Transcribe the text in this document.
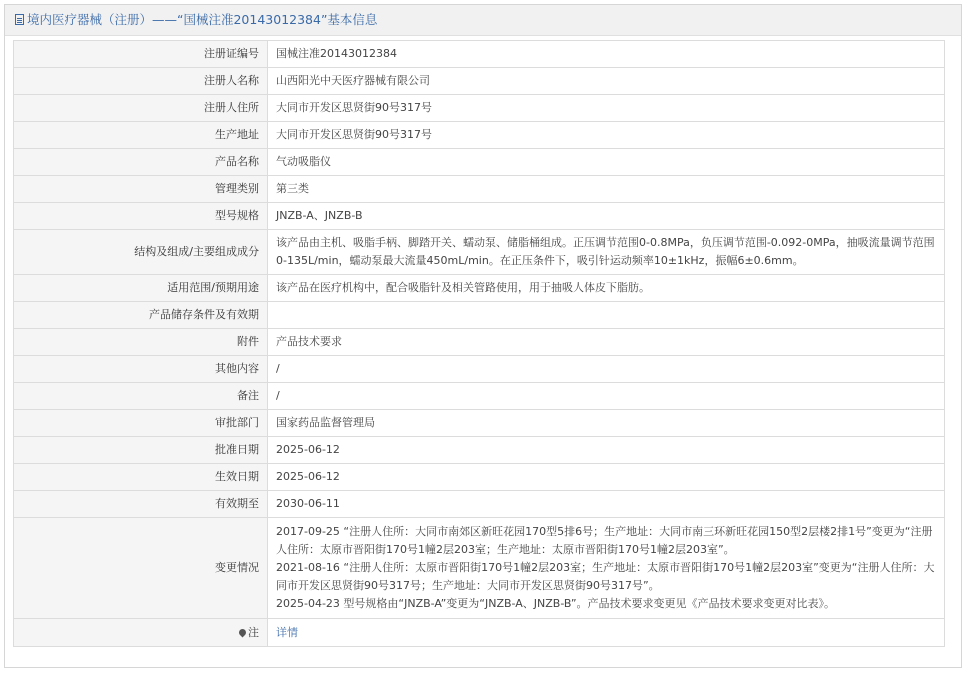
境内医疗器械（注册）——“国械注准20143012384”基本信息
注册证编号	国械注准20143012384
注册人名称	山西阳光中天医疗器械有限公司
注册人住所	大同市开发区思贤街90号317号
生产地址	大同市开发区思贤街90号317号
产品名称	气动吸脂仪
管理类别	第三类
型号规格	JNZB-A、JNZB-B
结构及组成/主要组成成分	该产品由主机、吸脂手柄、脚踏开关、蠕动泵、储脂桶组成。正压调节范围0-0.8MPa，负压调节范围-0.092-0MPa，抽吸流量调节范围0-135L/min，蠕动泵最大流量450mL/min。在正压条件下，吸引针运动频率10±1kHz，振幅6±0.6mm。
适用范围/预期用途	该产品在医疗机构中，配合吸脂针及相关管路使用，用于抽吸人体皮下脂肪。
产品储存条件及有效期	
附件	产品技术要求
其他内容	/
备注	/
审批部门	国家药品监督管理局
批准日期	2025-06-12
生效日期	2025-06-12
有效期至	2030-06-11
变更情况	2017-09-25 “注册人住所：大同市南郊区新旺花园170型5排6号；生产地址：大同市南三环新旺花园150型2层楼2排1号”变更为“注册人住所：太原市晋阳街170号1幢2层203室；生产地址：太原市晋阳街170号1幢2层203室”。
2021-08-16 “注册人住所：太原市晋阳街170号1幢2层203室；生产地址：太原市晋阳街170号1幢2层203室”变更为“注册人住所：大同市开发区思贤街90号317号；生产地址：大同市开发区思贤街90号317号”。
2025-04-23 型号规格由“JNZB-A”变更为“JNZB-A、JNZB-B”。产品技术要求变更见《产品技术要求变更对比表》。
注	详情
